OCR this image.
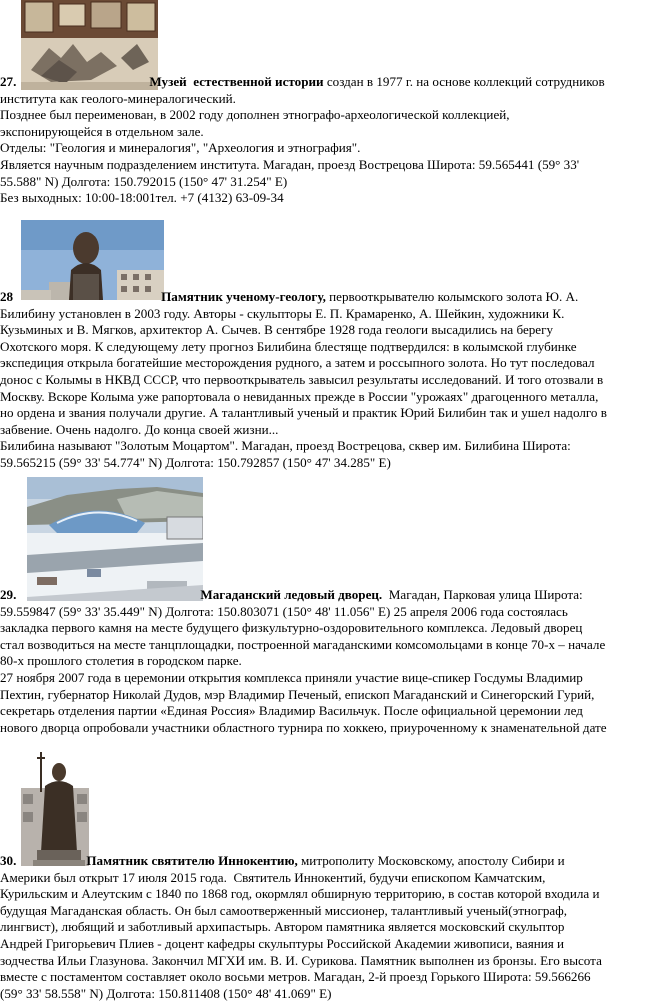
27.	Музей  естественной истории создан в 1977 г. на основе коллекций сотрудников
института как геолого-минералогический.
Позднее был переименован, в 2002 году дополнен этнографо-археологической коллекцией,
экспонирующейся в отдельном зале.
Отделы: "Геология и минералогия", "Археология и этнография".
Является научным подразделением института. Магадан, проезд Вострецова Широта: 59.565441 (59° 33'
55.588" N) Долгота: 150.792015 (150° 47' 31.254" E)
Без выходных: 10:00-18:001тел. +7 (4132) 63-09-34
28	Памятник ученому-геологу, первооткрывателю колымского золота Ю. А.
Билибину установлен в 2003 году. Авторы - скульпторы Е. П. Крамаренко, А. Шейкин, художники К.
Кузьминых и В. Мягков, архитектор А. Сычев. В сентябре 1928 года геологи высадились на берегу
Охотского моря. К следующему лету прогноз Билибина блестяще подтвердился: в колымской глубинке
экспедиция открыла богатейшие месторождения рудного, а затем и россыпного золота. Но тут последовал
донос с Колымы в НКВД СССР, что первооткрыватель завысил результаты исследований. И того отозвали в
Москву. Вскоре Колыма уже рапортовала о невиданных прежде в России "урожаях" драгоценного металла,
но ордена и звания получали другие. А талантливый ученый и практик Юрий Билибин так и ушел надолго в
забвение. Очень надолго. До конца своей жизни...
Билибина называют "Золотым Моцартом". Магадан, проезд Вострецова, сквер им. Билибина Широта:
59.565215 (59° 33' 54.774" N) Долгота: 150.792857 (150° 47' 34.285" E)
29.	Магаданский ледовый дворец.  Магадан, Парковая улица Широта:
59.559847 (59° 33' 35.449" N) Долгота: 150.803071 (150° 48' 11.056" E) 25 апреля 2006 года состоялась
закладка первого камня на месте будущего физкультурно-оздоровительного комплекса. Ледовый дворец
стал возводиться на месте танцплощадки, построенной магаданскими комсомольцами в конце 70-х – начале
80-х прошлого столетия в городском парке.
27 ноября 2007 года в церемонии открытия комплекса приняли участие вице-спикер Госдумы Владимир
Пехтин, губернатор Николай Дудов, мэр Владимир Печеный, епископ Магаданский и Синегорский Гурий,
секретарь отделения партии «Единая Россия» Владимир Васильчук. После официальной церемонии лед
нового дворца опробовали участники областного турнира по хоккею, приуроченному к знаменательной дате
30.	Памятник святителю Иннокентию, митрополиту Московскому, апостолу Сибири и
Америки был открыт 17 июля 2015 года.  Святитель Иннокентий, будучи епископом Камчатским,
Курильским и Алеутским с 1840 по 1868 год, окормлял обширную территорию, в состав которой входила и
будущая Магаданская область. Он был самоотверженный миссионер, талантливый ученый(этнограф,
лингвист), любящий и заботливый архипастырь. Автором памятника является московский скульптор
Андрей Григорьевич Плиев - доцент кафедры скульптуры Российской Академии живописи, ваяния и
зодчества Ильи Глазунова. Закончил МГХИ им. В. И. Сурикова. Памятник выполнен из бронзы. Его высота
вместе с постаментом составляет около восьми метров. Магадан, 2-й проезд Горького Широта: 59.566266
(59° 33' 58.558" N) Долгота: 150.811408 (150° 48' 41.069" E)
